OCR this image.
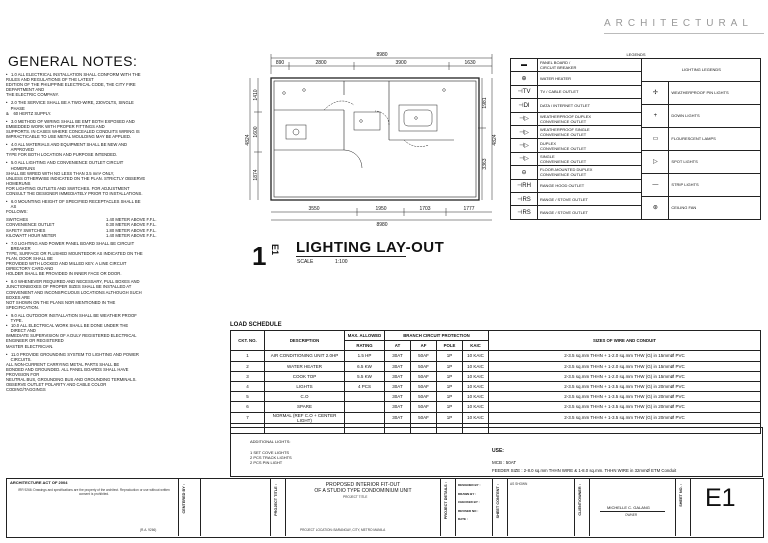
ARCHITECTURAL
GENERAL NOTES:

•   1.0 ALL ELECTRICAL INSTALLATION SHALL CONFORM WITH THE
RULES AND REGULATIONS OF THE LATEST
EDITION OF THE PHILIPPINE ELECTRICAL CODE, THE CITY FIRE
DEPARTMENT AND
THE ELECTRIC COMPANY.

•   2.0 THE SERVICE SHALL BE A TWO-WIRE, 230VOLTS, SINGLE
PHASE
&    60 HERTZ SUPPLY.

•   3.0 METHOD OF WIRING SHALL BE EMT BOTH EXPOSED AND
EMBEDDED WORK WITH PROPER FITTINGS AND
SUPPORTS. IN CASES WHERE CONCEALED CONDUITS WIRING IS
IMPRACTICABLE TO USE METAL MOULDING MAY BE APPLIED.

•   4.0 ALL MATERIALS AND EQUIPMENT SHALL BE NEW AND
APPROVED
TYPE FOR BOTH LOCATION AND PURPOSE INTENDED.

•   5.0 ALL LIGHTING AND CONVENIENCE OUTLET CIRCUIT
HOMERUNS
SHALL BE WIRED WITH NO LESS THAN 3.5 mm² ONLY,
UNLESS OTHERWISE INDICATED ON THE PLAN. STRICTLY OBSERVE
HOMERUNS
FOR LIGHTING OUTLETS AND SWITCHES. FOR ADJUSTMENT
CONSULT THE DESIGNER IMMEDIATELY PRIOR TO INSTALLATIONS.

•   6.0 MOUNTING HEIGHT OF SPECIFIED RECEPTACLES SHALL BE
AS
FOLLOWS:

SWITCHES	1.40 METER ABOVE F.F.L.
CONVENIENCE OUTLET	0.30 METER ABOVE F.F.L.
SAFETY SWITCHES	1.80 METER ABOVE F.F.L.
KILOWATT HOUR METER	1.40 METER ABOVE F.F.L.

•   7.0 LIGHTING AND POWER PANEL BOARD SHALL BE CIRCUIT
BREAKER
TYPE, SURFACE OR FLUSHED MOUNTEDOR AS INDICATED ON THE
PLAN. DOOR SHALL BE
PROVIDED WITH LOCKED AND MILLED KEY. A LINE CIRCUIT
DIRECTORY CARD AND
HOLDER SHALL BE PROVIDED IN INNER FACE OR DOOR.

•   8.0 WHENEVER REQUIRED AND NECESSARY, PULL BOXES AND
JUNCTIONBOXES OF PROPER SIZES SHALL BE INSTALLED AT
CONVENIENT AND INCONSPICUOUS LOCATIONS ALTHOUGH SUCH
BOXES ARE
NOT SHOWN ON THE PLANS NOR MENTIONED IN THE
SPECIFICATION.

•   9.0 ALL OUTDOOR INSTALLATION SHALL BE WEATHER PROOF
TYPE.
•   10.0 ALL ELECTRICAL WORK SHALL BE DONE UNDER THE
DIRECT AND
IMMEDIATE SUPERVISION OF A DULY REGISTERED ELECTRICAL
ENGINEER OR REGISTERED
MASTER ELECTRICIAN.

•   11.0 PROVIDE GROUNDING SYSTEM TO LIGHTING AND POWER
CIRCUITS.
ALL NON-CURRENT CARRYING METAL PARTS SHALL BE
BONDED AND GROUNDED. ALL PANEL BOARDS SHALL HAVE
PROVISION FOR
NEUTRAL BUS, GROUNDING BUS AND GROUNDING TERMINALS.
OBSERVE OUTLET POLARITY AND CABLE COLOR
CODING/TAGGINGS

8980
890	2800	3900	1630
3550	1950	1703	1777
8980
1410
1600
1874
4824
1981
3363
4824
LEGENDS
▬	PANEL BOARD /
CIRCUIT BREAKER
⊕	WATER HEATER
⊣TV	TV / CABLE OUTLET
⊣DI	DATA / INTERNET OUTLET
⊣▷	WEATHERPROOF DUPLEX
CONVENIENCE OUTLET
⊣▷	WEATHERPROOF SINGLE
CONVENIENCE OUTLET
⊣▷	DUPLEX
CONVENIENCE OUTLET
⊣▷	SINGLE
CONVENIENCE OUTLET
⊖	FLOOR-MOUNTED DUPLEX
CONVENIENCE OUTLET
⊣RH	RANGE HOOD OUTLET
⊣RS	RANGE / STOVE OUTLET
⊣RS	RANGE / STOVE OUTLET
LIGHTING LEGENDS	
✢	WEATHERPROOF PIN LIGHTS
+	DOWN LIGHTS
▭	FLOURESCENT LAMPS
▷	SPOT LIGHTS
—	STRIP LIGHTS
⊛	CEILING FAN
1 E1 LIGHTING LAY-OUT
SCALE	1:100
LOAD SCHEDULE
CKT. NO.	DESCRIPTION	MAX. ALLOWED	BRANCH CIRCUIT PROTECTION				SIZES OF WIRE AND CONDUIT
		RATING	AT	AF	POLE	KAIC	
1	AIR CONDITIONING UNIT 2.0HP	1.5 HP	30AT	50AF	1P	10 KAIC	2-3.5 sq.mm THHN + 1-2.0 sq.mm THW (G) in 15mmØ PVC
2	WATER HEATER	6.5 KW	30AT	50AF	1P	10 KAIC	2-3.5 sq.mm THHN + 1-2.0 sq.mm THW (G) in 15mmØ PVC
3	COOK TOP	5.5 KW	30AT	50AF	1P	10 KAIC	2-3.5 sq.mm THHN + 1-2.0 sq.mm THW (G) in 15mmØ PVC
4	LIGHTS	4 PCS	30AT	50AF	1P	10 KAIC	2-3.5 sq.mm THHN + 1-3.5 sq.mm THW (G) in 20mmØ PVC
5	C.O		30AT	50AF	1P	10 KAIC	2-3.5 sq.mm THHN + 1-3.5 sq.mm THW (G) in 20mmØ PVC
6	SPARE		30AT	50AF	1P	10 KAIC	2-3.5 sq.mm THHN + 1-3.5 sq.mm THW (G) in 20mmØ PVC
7	NORMAL (REF C.O + CENTER LIGHT)		30AT	50AF	1P	10 KAIC	2-3.5 sq.mm THHN + 1-3.5 sq.mm THW (G) in 20mmØ PVC

ADDITIONAL LIGHTS:
1 SET COVE LIGHTS
2 PCS TRACK LIGHTS
2 PCS PIN LIGHT
USE:
MCB : 50AT
FEEDER SIZE : 2-8.0 sq.mm THHN WIRE & 1-8.0 sq.mm. THHN WIRE in 32mmØ ETM Conduit
ARCHITECTURE ACT OF 2004
IRR 9266: Drawings and specifications are the property of the architect. Reproduction or use without written consent is prohibited.
(R.A. 9266)
CENTERED BY :	PROJECT TITLE :	PROPOSED INTERIOR FIT-OUT
OF A STUDIO TYPE CONDOMINIUM UNIT
PROJECT TITLE
PROJECT LOCATION: BARANGAY, CITY, METRO MANILA
PROJECT DETAILS :	DESIGNED BY :
DRAWN BY :
CHECKED BY :
REVISED NO :
DATE :
SHEET CONTENT :	AS SHOWN	CLIENT/OWNER :	MICHELLE C. GALANG
OWNER
SHEET NO. : E1
